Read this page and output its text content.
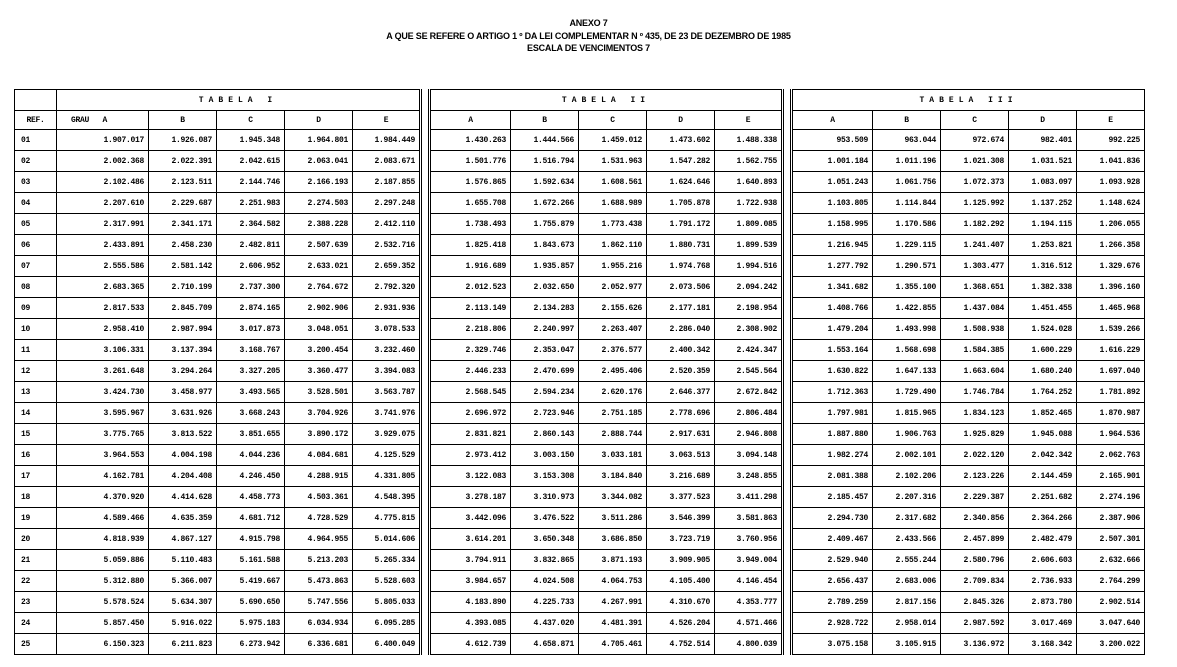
ANEXO 7
A QUE SE REFERE O ARTIGO 1 º DA LEI COMPLEMENTAR N º 435, DE 23 DE DEZEMBRO DE 1985
ESCALA DE VENCIMENTOS 7
	TABELA I						TABELA II						TABELA III				
REF.	GRAU A	B	C	D	E		A	B	C	D	E		A	B	C	D	E
01	1.907.017	1.926.087	1.945.348	1.964.801	1.984.449		1.430.263	1.444.566	1.459.012	1.473.602	1.488.338		953.509	963.044	972.674	982.401	992.225
02	2.002.368	2.022.391	2.042.615	2.063.041	2.083.671		1.501.776	1.516.794	1.531.963	1.547.282	1.562.755		1.001.184	1.011.196	1.021.308	1.031.521	1.041.836
03	2.102.486	2.123.511	2.144.746	2.166.193	2.187.855		1.576.865	1.592.634	1.608.561	1.624.646	1.640.893		1.051.243	1.061.756	1.072.373	1.083.097	1.093.928
04	2.207.610	2.229.687	2.251.983	2.274.503	2.297.248		1.655.708	1.672.266	1.688.989	1.705.878	1.722.938		1.103.805	1.114.844	1.125.992	1.137.252	1.148.624
05	2.317.991	2.341.171	2.364.582	2.388.228	2.412.110		1.738.493	1.755.879	1.773.438	1.791.172	1.809.085		1.158.995	1.170.586	1.182.292	1.194.115	1.206.055
06	2.433.891	2.458.230	2.482.811	2.507.639	2.532.716		1.825.418	1.843.673	1.862.110	1.880.731	1.899.539		1.216.945	1.229.115	1.241.407	1.253.821	1.266.358
07	2.555.586	2.581.142	2.606.952	2.633.021	2.659.352		1.916.689	1.935.857	1.955.216	1.974.768	1.994.516		1.277.792	1.290.571	1.303.477	1.316.512	1.329.676
08	2.683.365	2.710.199	2.737.300	2.764.672	2.792.320		2.012.523	2.032.650	2.052.977	2.073.506	2.094.242		1.341.682	1.355.100	1.368.651	1.382.338	1.396.160
09	2.817.533	2.845.709	2.874.165	2.902.906	2.931.936		2.113.149	2.134.283	2.155.626	2.177.181	2.198.954		1.408.766	1.422.855	1.437.084	1.451.455	1.465.968
10	2.958.410	2.987.994	3.017.873	3.048.051	3.078.533		2.218.806	2.240.997	2.263.407	2.286.040	2.308.902		1.479.204	1.493.998	1.508.938	1.524.028	1.539.266
11	3.106.331	3.137.394	3.168.767	3.200.454	3.232.460		2.329.746	2.353.047	2.376.577	2.400.342	2.424.347		1.553.164	1.568.698	1.584.385	1.600.229	1.616.229
12	3.261.648	3.294.264	3.327.205	3.360.477	3.394.083		2.446.233	2.470.699	2.495.406	2.520.359	2.545.564		1.630.822	1.647.133	1.663.604	1.680.240	1.697.040
13	3.424.730	3.458.977	3.493.565	3.528.501	3.563.787		2.568.545	2.594.234	2.620.176	2.646.377	2.672.842		1.712.363	1.729.490	1.746.784	1.764.252	1.781.892
14	3.595.967	3.631.926	3.668.243	3.704.926	3.741.976		2.696.972	2.723.946	2.751.185	2.778.696	2.806.484		1.797.981	1.815.965	1.834.123	1.852.465	1.870.987
15	3.775.765	3.813.522	3.851.655	3.890.172	3.929.075		2.831.821	2.860.143	2.888.744	2.917.631	2.946.808		1.887.880	1.906.763	1.925.829	1.945.088	1.964.536
16	3.964.553	4.004.198	4.044.236	4.084.681	4.125.529		2.973.412	3.003.150	3.033.181	3.063.513	3.094.148		1.982.274	2.002.101	2.022.120	2.042.342	2.062.763
17	4.162.781	4.204.408	4.246.450	4.288.915	4.331.805		3.122.083	3.153.308	3.184.840	3.216.689	3.248.855		2.081.388	2.102.206	2.123.226	2.144.459	2.165.901
18	4.370.920	4.414.628	4.458.773	4.503.361	4.548.395		3.278.187	3.310.973	3.344.082	3.377.523	3.411.298		2.185.457	2.207.316	2.229.387	2.251.682	2.274.196
19	4.589.466	4.635.359	4.681.712	4.728.529	4.775.815		3.442.096	3.476.522	3.511.286	3.546.399	3.581.863		2.294.730	2.317.682	2.340.856	2.364.266	2.387.906
20	4.818.939	4.867.127	4.915.798	4.964.955	5.014.606		3.614.201	3.650.348	3.686.850	3.723.719	3.760.956		2.409.467	2.433.566	2.457.899	2.482.479	2.507.301
21	5.059.886	5.110.483	5.161.588	5.213.203	5.265.334		3.794.911	3.832.865	3.871.193	3.909.905	3.949.004		2.529.940	2.555.244	2.580.796	2.606.603	2.632.666
22	5.312.880	5.366.007	5.419.667	5.473.863	5.528.603		3.984.657	4.024.508	4.064.753	4.105.400	4.146.454		2.656.437	2.683.006	2.709.834	2.736.933	2.764.299
23	5.578.524	5.634.307	5.690.650	5.747.556	5.805.033		4.183.890	4.225.733	4.267.991	4.310.670	4.353.777		2.789.259	2.817.156	2.845.326	2.873.780	2.902.514
24	5.857.450	5.916.022	5.975.183	6.034.934	6.095.285		4.393.085	4.437.020	4.481.391	4.526.204	4.571.466		2.928.722	2.958.014	2.987.592	3.017.469	3.047.640
25	6.150.323	6.211.823	6.273.942	6.336.681	6.400.049		4.612.739	4.658.871	4.705.461	4.752.514	4.800.039		3.075.158	3.105.915	3.136.972	3.168.342	3.200.022
